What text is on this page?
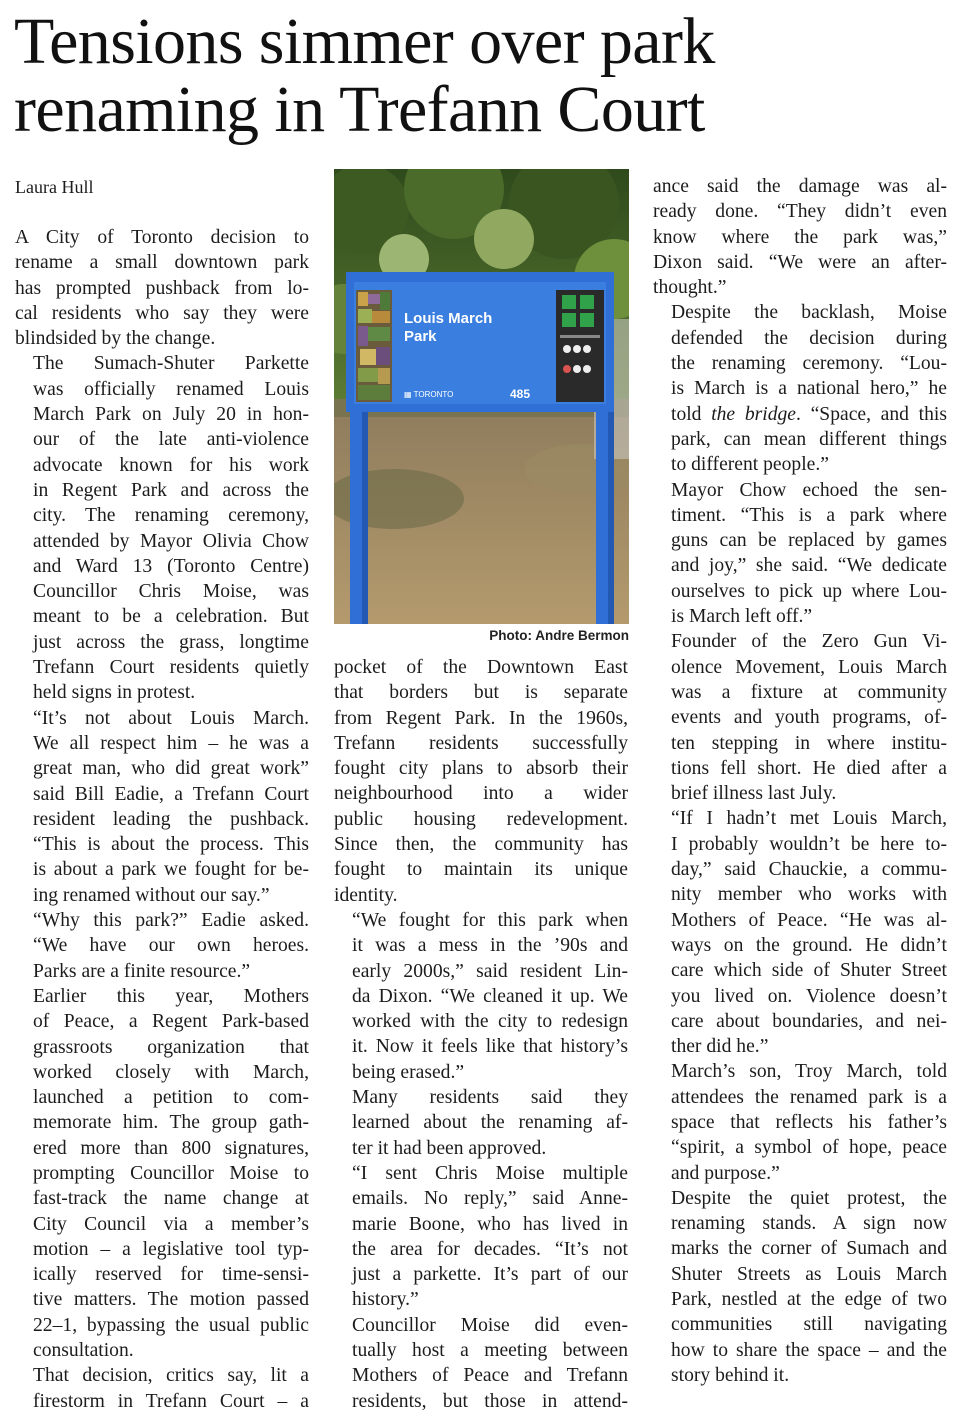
Tensions simmer over park renaming in Trefann Court
Laura Hull

A City of Toronto decision to
rename a small downtown park
has prompted pushback from lo-
cal residents who say they were
blindsided by the change.

The Sumach-Shuter Parkette
was officially renamed Louis
March Park on July 20 in hon-
our of the late anti-violence
advocate known for his work
in Regent Park and across the
city. The renaming ceremony,
attended by Mayor Olivia Chow
and Ward 13 (Toronto Centre)
Councillor Chris Moise, was
meant to be a celebration. But
just across the grass, longtime
Trefann Court residents quietly
held signs in protest.

“It’s not about Louis March.
We all respect him – he was a
great man, who did great work”
said Bill Eadie, a Trefann Court
resident leading the pushback.
“This is about the process. This
is about a park we fought for be-
ing renamed without our say.”

“Why this park?” Eadie asked.
“We have our own heroes.
Parks are a finite resource.”

Earlier this year, Mothers
of Peace, a Regent Park-based
grassroots organization that
worked closely with March,
launched a petition to com-
memorate him. The group gath-
ered more than 800 signatures,
prompting Councillor Moise to
fast-track the name change at
City Council via a member’s
motion – a legislative tool typ-
ically reserved for time-sensi-
tive matters. The motion passed
22–1, bypassing the usual public
consultation.

That decision, critics say, lit a
firestorm in Trefann Court – a

Louis March
Park
▦ TORONTO	485
Photo: Andre Bermon

pocket of the Downtown East
that borders but is separate
from Regent Park. In the 1960s,
Trefann residents successfully
fought city plans to absorb their
neighbourhood into a wider
public housing redevelopment.
Since then, the community has
fought to maintain its unique
identity.

“We fought for this park when
it was a mess in the ’90s and
early 2000s,” said resident Lin-
da Dixon. “We cleaned it up. We
worked with the city to redesign
it. Now it feels like that history’s
being erased.”

Many residents said they
learned about the renaming af-
ter it had been approved.

“I sent Chris Moise multiple
emails. No reply,” said Anne-
marie Boone, who has lived in
the area for decades. “It’s not
just a parkette. It’s part of our
history.”

Councillor Moise did even-
tually host a meeting between
Mothers of Peace and Trefann
residents, but those in attend-

ance said the damage was al-
ready done. “They didn’t even
know where the park was,”
Dixon said. “We were an after-
thought.”

Despite the backlash, Moise
defended the decision during
the renaming ceremony. “Lou-
is March is a national hero,” he
told the bridge. “Space, and this
park, can mean different things
to different people.”

Mayor Chow echoed the sen-
timent. “This is a park where
guns can be replaced by games
and joy,” she said. “We dedicate
ourselves to pick up where Lou-
is March left off.”

Founder of the Zero Gun Vi-
olence Movement, Louis March
was a fixture at community
events and youth programs, of-
ten stepping in where institu-
tions fell short. He died after a
brief illness last July.

“If I hadn’t met Louis March,
I probably wouldn’t be here to-
day,” said Chauckie, a commu-
nity member who works with
Mothers of Peace. “He was al-
ways on the ground. He didn’t
care which side of Shuter Street
you lived on. Violence doesn’t
care about boundaries, and nei-
ther did he.”

March’s son, Troy March, told
attendees the renamed park is a
space that reflects his father’s
“spirit, a symbol of hope, peace
and purpose.”

Despite the quiet protest, the
renaming stands. A sign now
marks the corner of Sumach and
Shuter Streets as Louis March
Park, nestled at the edge of two
communities still navigating
how to share the space – and the
story behind it.
